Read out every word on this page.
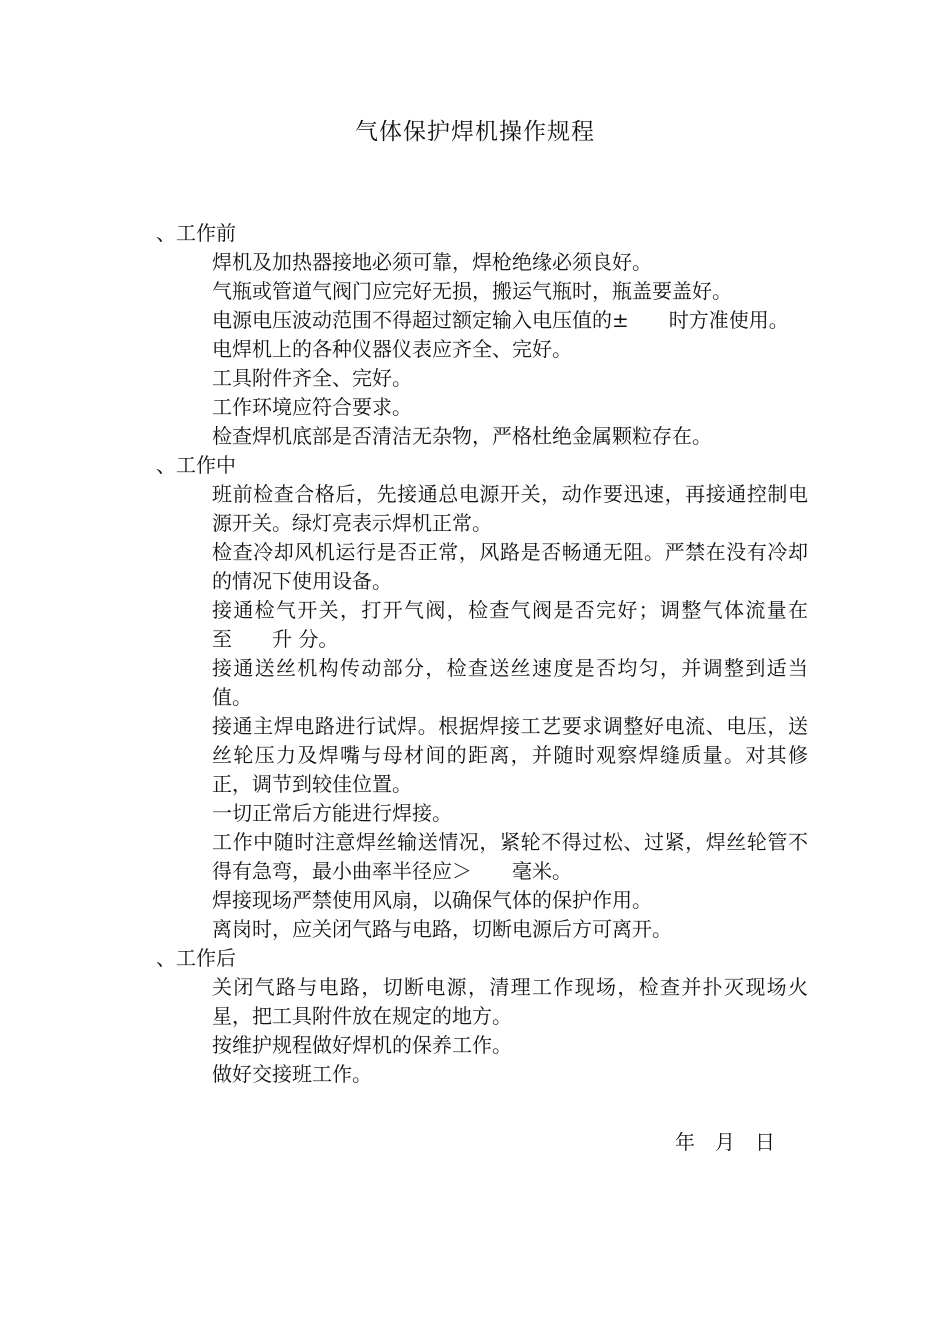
气体保护焊机操作规程
、工作前
焊机及加热器接地必须可靠，焊枪绝缘必须良好。
气瓶或管道气阀门应完好无损，搬运气瓶时，瓶盖要盖好。
电源电压波动范围不得超过额定输入电压值的±　　时方准使用。
电焊机上的各种仪器仪表应齐全、完好。
工具附件齐全、完好。
工作环境应符合要求。
检查焊机底部是否清洁无杂物，严格杜绝金属颗粒存在。
、工作中
班前检查合格后，先接通总电源开关，动作要迅速，再接通控制电源开关。绿灯亮表示焊机正常。
检查冷却风机运行是否正常，风路是否畅通无阻。严禁在没有冷却的情况下使用设备。
接通检气开关，打开气阀，检查气阀是否完好；调整气体流量在　　至　　升 分。
接通送丝机构传动部分，检查送丝速度是否均匀，并调整到适当值。
接通主焊电路进行试焊。根据焊接工艺要求调整好电流、电压，送丝轮压力及焊嘴与母材间的距离，并随时观察焊缝质量。对其修正，调节到较佳位置。
一切正常后方能进行焊接。
工作中随时注意焊丝输送情况，紧轮不得过松、过紧，焊丝轮管不得有急弯，最小曲率半径应＞　　毫米。
焊接现场严禁使用风扇，以确保气体的保护作用。
离岗时，应关闭气路与电路，切断电源后方可离开。
、工作后
关闭气路与电路，切断电源，清理工作现场，检查并扑灭现场火星，把工具附件放在规定的地方。
按维护规程做好焊机的保养工作。
做好交接班工作。
年　月　日
